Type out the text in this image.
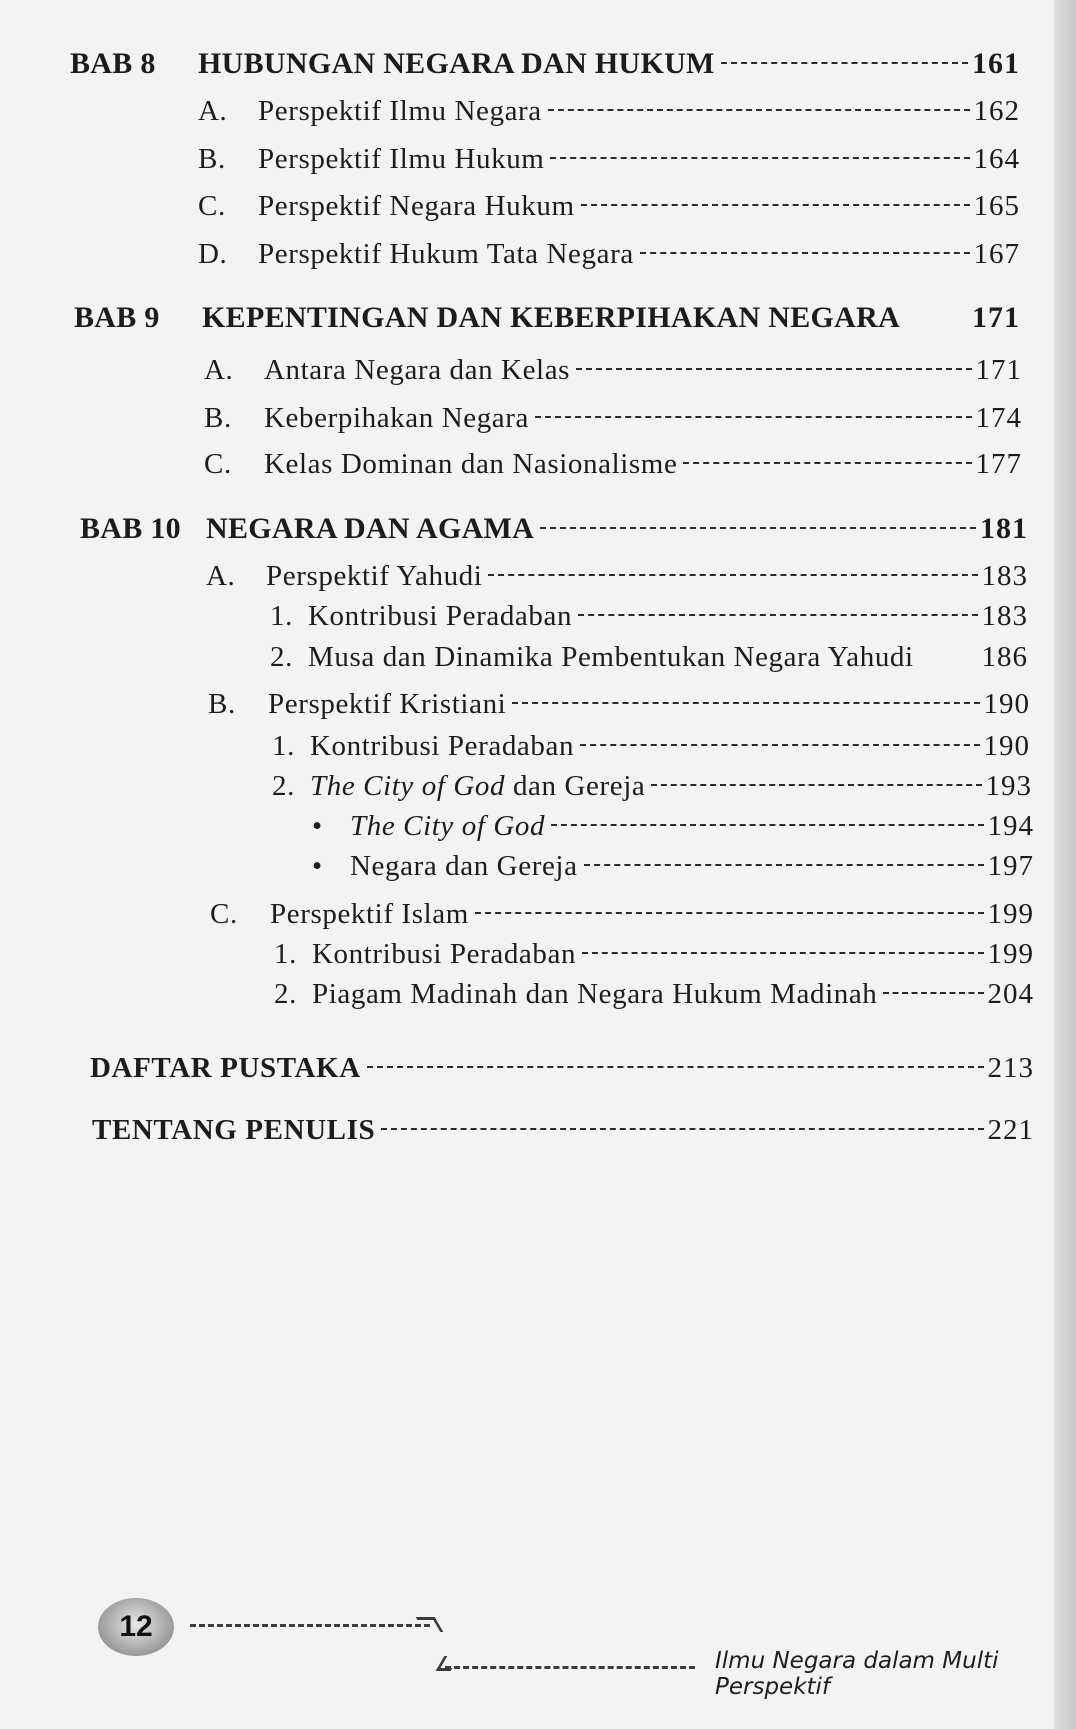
BAB 8	HUBUNGAN NEGARA DAN HUKUM	161
A.	Perspektif Ilmu Negara	162
B.	Perspektif Ilmu Hukum	164
C.	Perspektif Negara Hukum	165
D.	Perspektif Hukum Tata Negara	167
BAB 9	KEPENTINGAN DAN KEBERPIHAKAN NEGARA 171
A.	Antara Negara dan Kelas	171
B.	Keberpihakan Negara	174
C.	Kelas Dominan dan Nasionalisme	177
BAB 10 NEGARA DAN AGAMA	181
A.	Perspektif Yahudi	183
1. Kontribusi Peradaban	183
2. Musa dan Dinamika Pembentukan Negara Yahudi 186
B.	Perspektif Kristiani	190
1. Kontribusi Peradaban	190
2. The City of God dan Gereja	193
• The City of God	194
• Negara dan Gereja	197
C.	Perspektif Islam	199
1. Kontribusi Peradaban	199
2. Piagam Madinah dan Negara Hukum Madinah	204
DAFTAR PUSTAKA	213
TENTANG PENULIS	221
12
Ilmu Negara dalam Multi Perspektif
